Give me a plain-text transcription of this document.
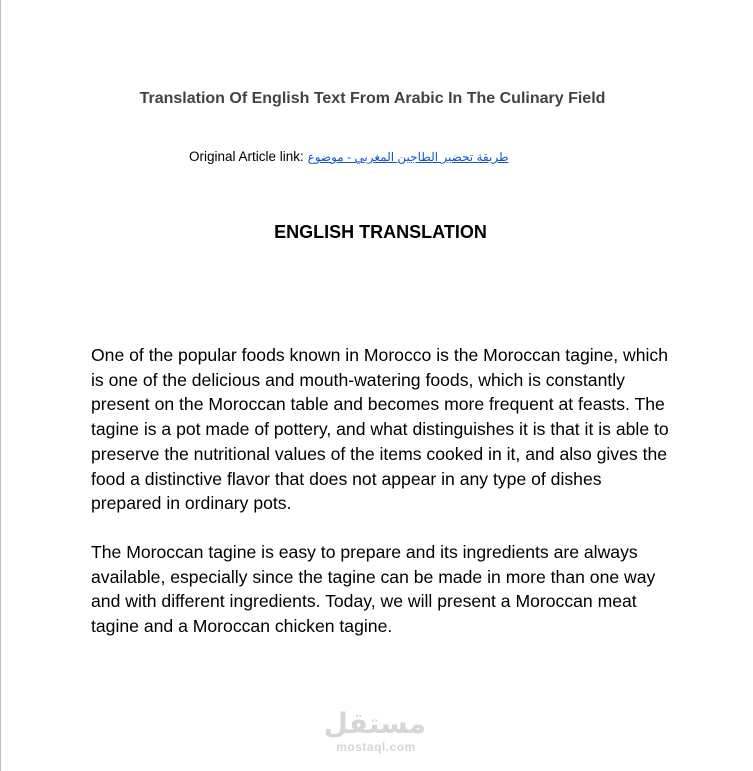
Translation Of English Text From Arabic In The Culinary Field
Original Article link: طريقة تحضير الطاجين المغربي - موضوع
ENGLISH TRANSLATION

One of the popular foods known in Morocco is the Moroccan tagine, which is one of the delicious and mouth-watering foods, which is constantly present on the Moroccan table and becomes more frequent at feasts. The tagine is a pot made of pottery, and what distinguishes it is that it is able to preserve the nutritional values of the items cooked in it, and also gives the food a distinctive flavor that does not appear in any type of dishes prepared in ordinary pots.

The Moroccan tagine is easy to prepare and its ingredients are always available, especially since the tagine can be made in more than one way and with different ingredients. Today, we will present a Moroccan meat tagine and a Moroccan chicken tagine.

مستقل
mostaql.com
